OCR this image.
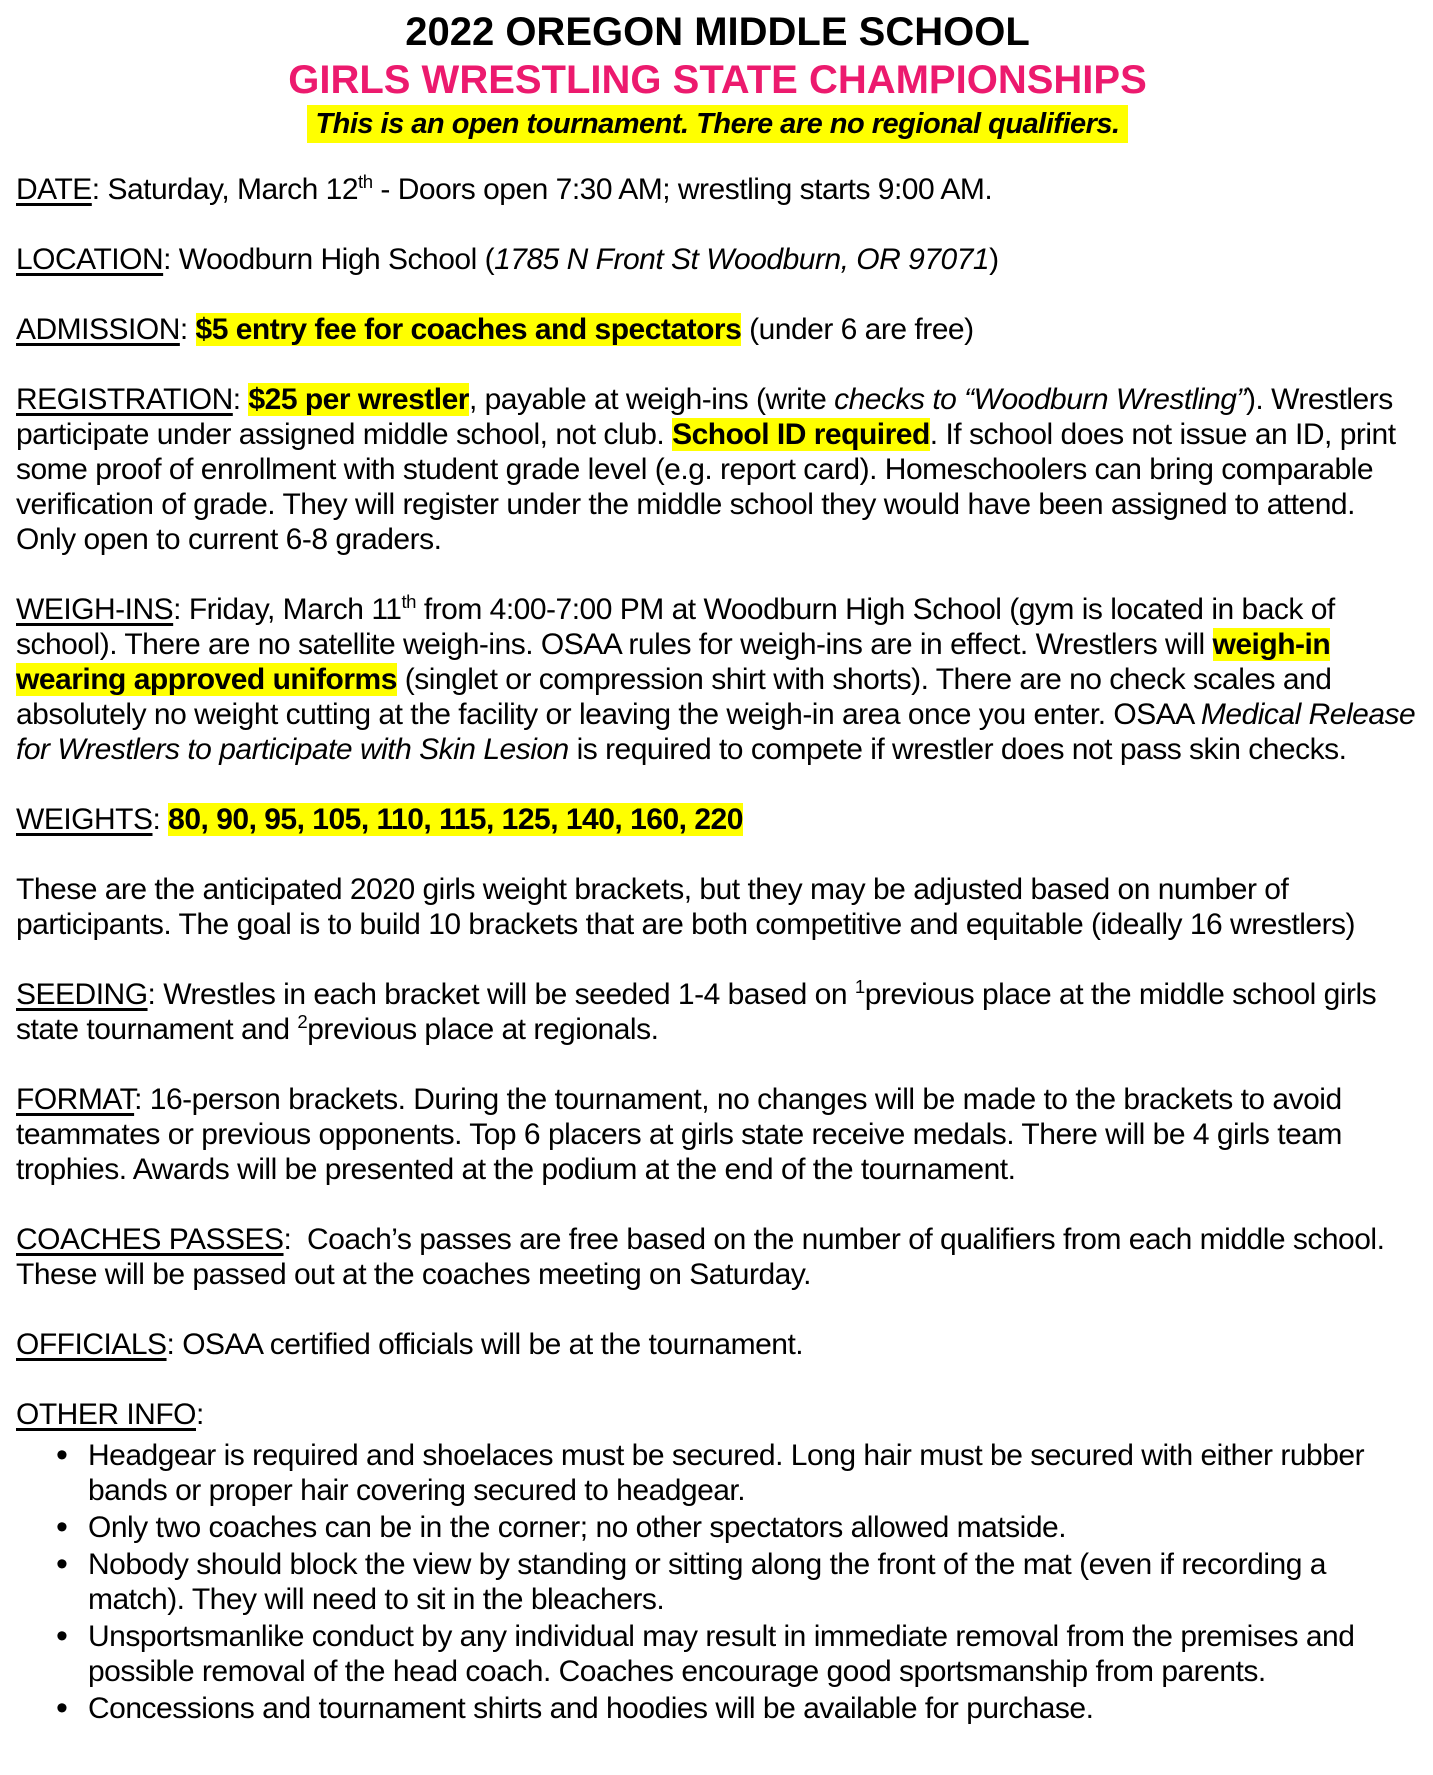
2022 OREGON MIDDLE SCHOOL
GIRLS WRESTLING STATE CHAMPIONSHIPS
This is an open tournament. There are no regional qualifiers.

DATE: Saturday, March 12th - Doors open 7:30 AM; wrestling starts 9:00 AM.

LOCATION: Woodburn High School (1785 N Front St Woodburn, OR 97071)

ADMISSION: $5 entry fee for coaches and spectators (under 6 are free)

REGISTRATION: $25 per wrestler, payable at weigh-ins (write checks to “Woodburn Wrestling”). Wrestlers participate under assigned middle school, not club. School ID required. If school does not issue an ID, print some proof of enrollment with student grade level (e.g. report card). Homeschoolers can bring comparable verification of grade. They will register under the middle school they would have been assigned to attend. Only open to current 6-8 graders.

WEIGH-INS: Friday, March 11th from 4:00-7:00 PM at Woodburn High School (gym is located in back of school). There are no satellite weigh-ins. OSAA rules for weigh-ins are in effect. Wrestlers will weigh-in wearing approved uniforms (singlet or compression shirt with shorts). There are no check scales and absolutely no weight cutting at the facility or leaving the weigh-in area once you enter. OSAA Medical Release for Wrestlers to participate with Skin Lesion is required to compete if wrestler does not pass skin checks.

WEIGHTS: 80, 90, 95, 105, 110, 115, 125, 140, 160, 220

These are the anticipated 2020 girls weight brackets, but they may be adjusted based on number of participants. The goal is to build 10 brackets that are both competitive and equitable (ideally 16 wrestlers)

SEEDING: Wrestles in each bracket will be seeded 1-4 based on $^1$previous place at the middle school girls state tournament and $^2$previous place at regionals.

FORMAT: 16-person brackets. During the tournament, no changes will be made to the brackets to avoid teammates or previous opponents. Top 6 placers at girls state receive medals. There will be 4 girls team trophies. Awards will be presented at the podium at the end of the tournament.

COACHES PASSES:  Coach’s passes are free based on the number of qualifiers from each middle school. These will be passed out at the coaches meeting on Saturday.

OFFICIALS: OSAA certified officials will be at the tournament.

OTHER INFO:

• Headgear is required and shoelaces must be secured. Long hair must be secured with either rubber bands or proper hair covering secured to headgear.
• Only two coaches can be in the corner; no other spectators allowed matside.
• Nobody should block the view by standing or sitting along the front of the mat (even if recording a match). They will need to sit in the bleachers.
• Unsportsmanlike conduct by any individual may result in immediate removal from the premises and possible removal of the head coach. Coaches encourage good sportsmanship from parents.
• Concessions and tournament shirts and hoodies will be available for purchase.
